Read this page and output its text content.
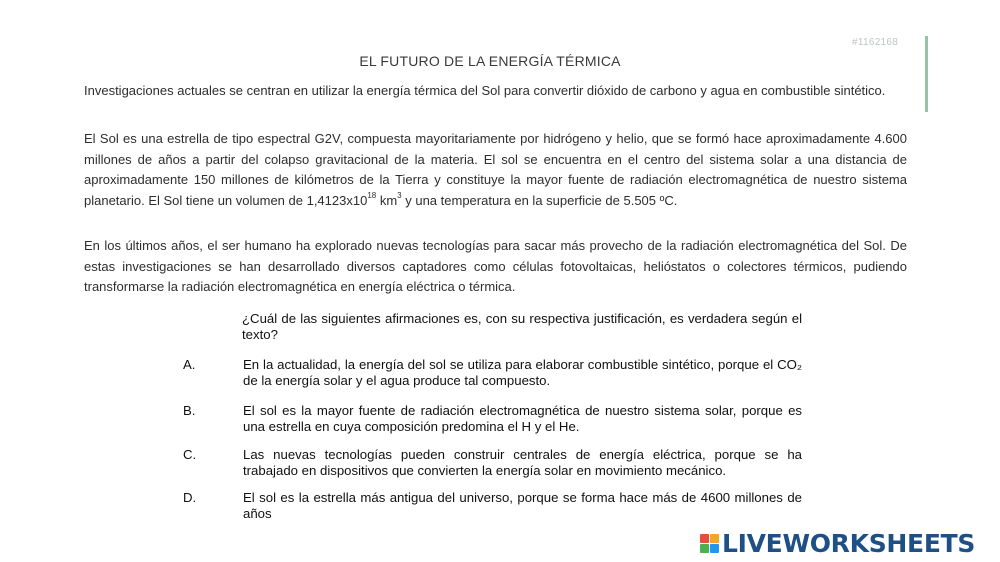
#1162168
EL FUTURO DE LA ENERGÍA TÉRMICA
Investigaciones actuales se centran en utilizar la energía térmica del Sol para convertir dióxido de carbono y agua en combustible sintético.
El Sol es una estrella de tipo espectral G2V, compuesta mayoritariamente por hidrógeno y helio, que se formó hace aproximadamente 4.600 millones de años a partir del colapso gravitacional de la materia. El sol se encuentra en el centro del sistema solar a una distancia de aproximadamente 150 millones de kilómetros de la Tierra y constituye la mayor fuente de radiación electromagnética de nuestro sistema planetario. El Sol tiene un volumen de $1,4123x10^{18}$ $km^3$ y una temperatura en la superficie de 5.505 ºC.
En los últimos años, el ser humano ha explorado nuevas tecnologías para sacar más provecho de la radiación electromagnética del Sol. De estas investigaciones se han desarrollado diversos captadores como células fotovoltaicas, helióstatos o colectores térmicos, pudiendo transformarse la radiación electromagnética en energía eléctrica o térmica.
¿Cuál de las siguientes afirmaciones es, con su respectiva justificación, es verdadera según el texto?
A.	En la actualidad, la energía del sol se utiliza para elaborar combustible sintético, porque el CO₂ de la energía solar y el agua produce tal compuesto.
B.	El sol es la mayor fuente de radiación electromagnética de nuestro sistema solar, porque es una estrella en cuya composición predomina el H y el He.
C.	Las nuevas tecnologías pueden construir centrales de energía eléctrica, porque se ha trabajado en dispositivos que convierten la energía solar en movimiento mecánico.
D.	El sol es la estrella más antigua del universo, porque se forma hace más de 4600 millones de años
LIVEWORKSHEETS
